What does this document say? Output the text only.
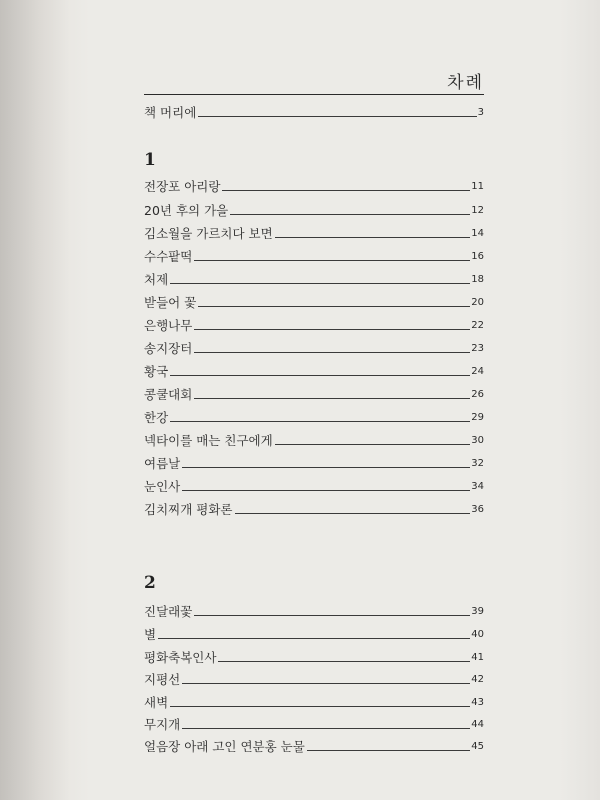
차례
책 머리에	3
1
전장포 아리랑	11
20년 후의 가을	12
김소월을 가르치다 보면	14
수수팥떡	16
처제	18
받들어 꽃	20
은행나무	22
송지장터	23
황국	24
콩쿨대회	26
한강	29
넥타이를 매는 친구에게	30
여름날	32
눈인사	34
김치찌개 평화론	36
2
진달래꽃	39
별	40
평화축복인사	41
지평선	42
새벽	43
무지개	44
얼음장 아래 고인 연분홍 눈물	45
